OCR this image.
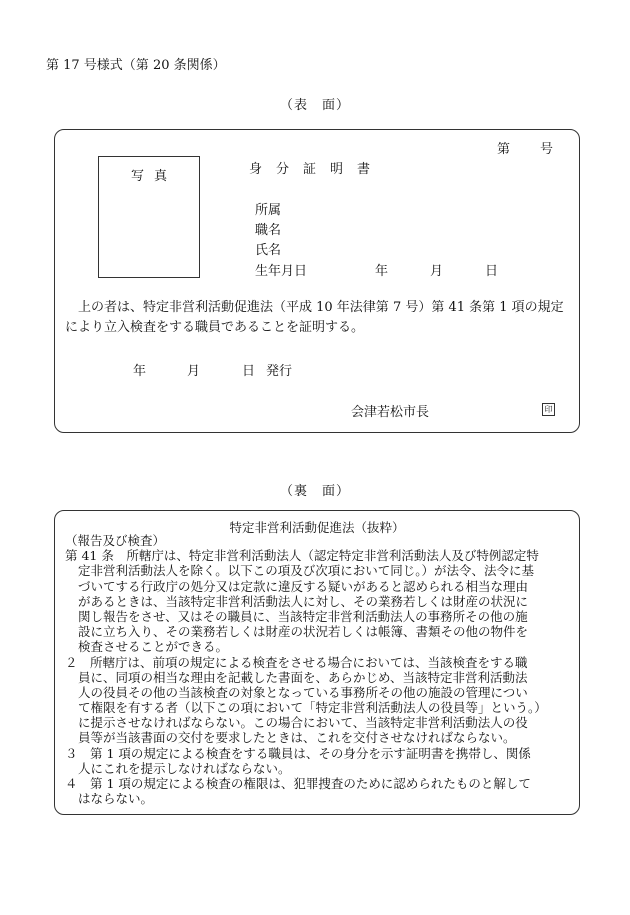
第 17 号様式（第 20 条関係）
（表　面）
第 号
写真	身分証明書
所属
職名
氏名
生年月日	年	月	日
上の者は、特定非営利活動促進法（平成 10 年法律第 7 号）第 41 条第 1 項の規定により立入検査をする職員であることを証明する。
年	月	日 発行
会津若松市長	印
（裏　面）
特定非営利活動促進法（抜粋）
（報告及び検査）
第 41 条　所轄庁は、特定非営利活動法人（認定特定非営利活動法人及び特例認定特
定非営利活動法人を除く。以下この項及び次項において同じ。）が法令、法令に基
づいてする行政庁の処分又は定款に違反する疑いがあると認められる相当な理由
があるときは、当該特定非営利活動法人に対し、その業務若しくは財産の状況に
関し報告をさせ、又はその職員に、当該特定非営利活動法人の事務所その他の施
設に立ち入り、その業務若しくは財産の状況若しくは帳簿、書類その他の物件を
検査させることができる。
２　所轄庁は、前項の規定による検査をさせる場合においては、当該検査をする職
員に、同項の相当な理由を記載した書面を、あらかじめ、当該特定非営利活動法
人の役員その他の当該検査の対象となっている事務所その他の施設の管理につい
て権限を有する者（以下この項において「特定非営利活動法人の役員等」という。）
に提示させなければならない。この場合において、当該特定非営利活動法人の役
員等が当該書面の交付を要求したときは、これを交付させなければならない。
３　第 1 項の規定による検査をする職員は、その身分を示す証明書を携帯し、関係
人にこれを提示しなければならない。
４　第 1 項の規定による検査の権限は、犯罪捜査のために認められたものと解して
はならない。
